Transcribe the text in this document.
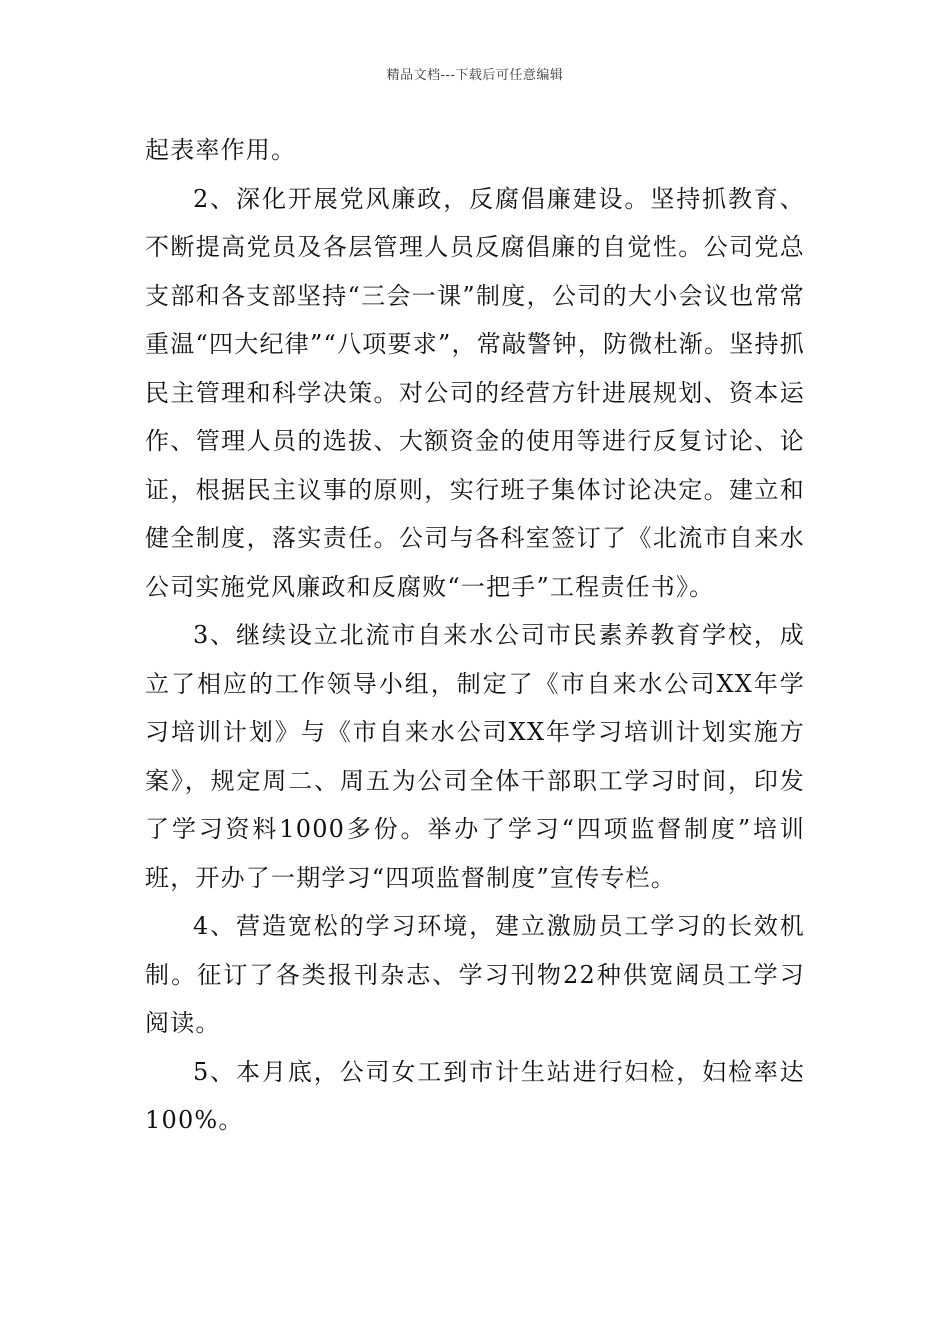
精品文档---下载后可任意编辑

起表率作用。

2、深化开展党风廉政，反腐倡廉建设。坚持抓教育、不断提高党员及各层管理人员反腐倡廉的自觉性。公司党总支部和各支部坚持“三会一课”制度，公司的大小会议也常常重温“四大纪律”“八项要求”，常敲警钟，防微杜渐。坚持抓民主管理和科学决策。对公司的经营方针进展规划、资本运作、管理人员的选拔、大额资金的使用等进行反复讨论、论证，根据民主议事的原则，实行班子集体讨论决定。建立和健全制度，落实责任。公司与各科室签订了《北流市自来水公司实施党风廉政和反腐败“一把手”工程责任书》。

3、继续设立北流市自来水公司市民素养教育学校，成立了相应的工作领导小组，制定了《市自来水公司XX年学习培训计划》与《市自来水公司XX年学习培训计划实施方案》，规定周二、周五为公司全体干部职工学习时间，印发了学习资料1000多份。举办了学习“四项监督制度”培训班，开办了一期学习“四项监督制度”宣传专栏。

4、营造宽松的学习环境，建立激励员工学习的长效机制。征订了各类报刊杂志、学习刊物22种供宽阔员工学习阅读。

5、本月底，公司女工到市计生站进行妇检，妇检率达100%。
